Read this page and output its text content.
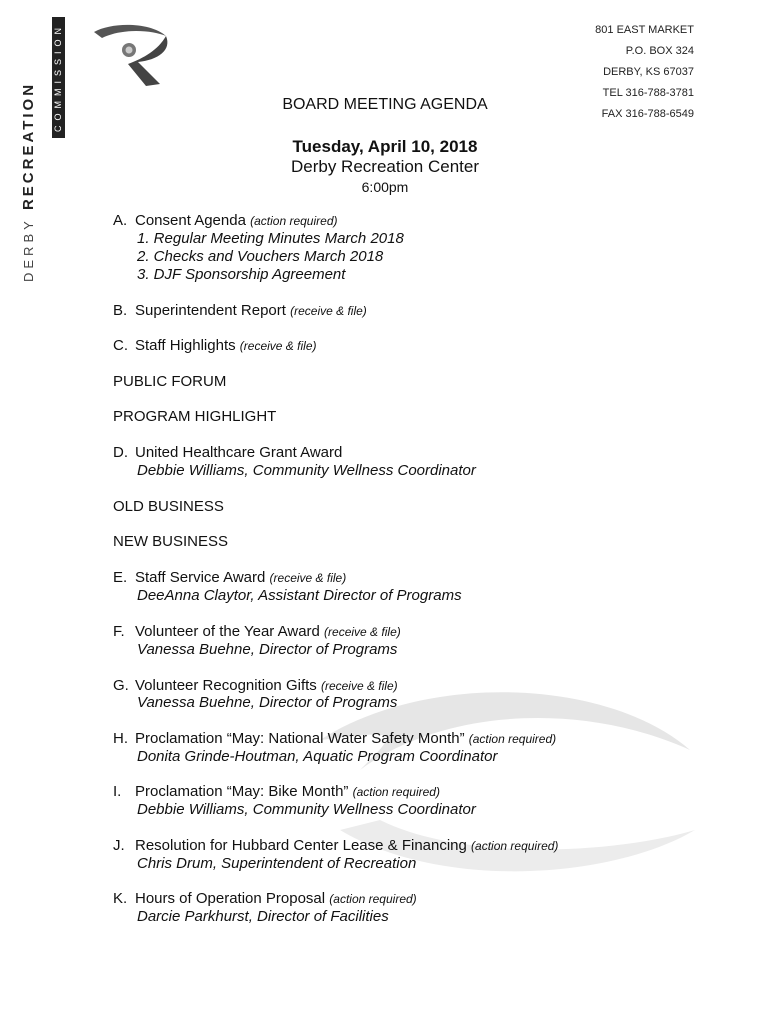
DERBY RECREATION
COMMISSION	801 EAST MARKET
P.O. BOX 324
DERBY, KS 67037
TEL 316-788-3781
FAX 316-788-6549
BOARD MEETING AGENDA
Tuesday, April 10, 2018
Derby Recreation Center
6:00pm
A. Consent Agenda (action required)
1. Regular Meeting Minutes March 2018
2. Checks and Vouchers March 2018
3. DJF Sponsorship Agreement
B. Superintendent Report (receive & file)
C. Staff Highlights (receive & file)
PUBLIC FORUM
PROGRAM HIGHLIGHT
D. United Healthcare Grant Award
Debbie Williams, Community Wellness Coordinator
OLD BUSINESS
NEW BUSINESS
E. Staff Service Award (receive & file)
DeeAnna Claytor, Assistant Director of Programs
F. Volunteer of the Year Award (receive & file)
Vanessa Buehne, Director of Programs
G. Volunteer Recognition Gifts (receive & file)
Vanessa Buehne, Director of Programs
H. Proclamation “May: National Water Safety Month” (action required)
Donita Grinde-Houtman, Aquatic Program Coordinator
I. Proclamation “May: Bike Month” (action required)
Debbie Williams, Community Wellness Coordinator
J. Resolution for Hubbard Center Lease & Financing (action required)
Chris Drum, Superintendent of Recreation
K. Hours of Operation Proposal (action required)
Darcie Parkhurst, Director of Facilities
